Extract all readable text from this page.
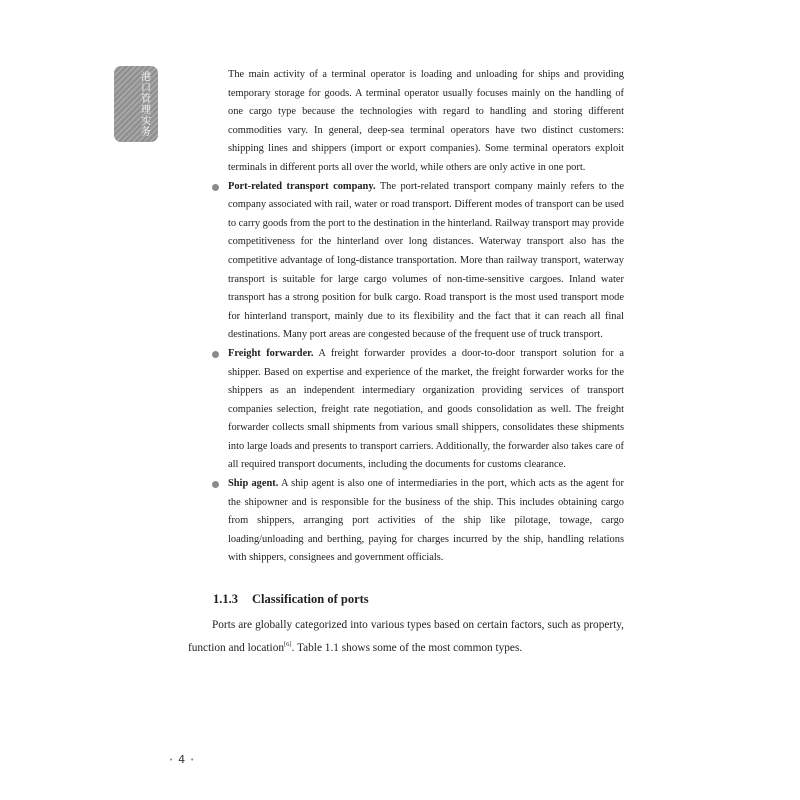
港口管理实务	The main activity of a terminal operator is loading and unloading for ships and providing temporary storage for goods. A terminal operator usually focuses mainly on the handling of one cargo type because the technologies with regard to handling and storing different commodities vary. In general, deep-sea terminal operators have two distinct customers: shipping lines and shippers (import or export companies). Some terminal operators exploit terminals in different ports all over the world, while others are only active in one port.

Port-related transport company. The port-related transport company mainly refers to the company associated with rail, water or road transport. Different modes of transport can be used to carry goods from the port to the destination in the hinterland. Railway transport may provide competitiveness for the hinterland over long distances. Waterway transport also has the competitive advantage of long-distance transportation. More than railway transport, waterway transport is suitable for large cargo volumes of non-time-sensitive cargoes. Inland water transport has a strong position for bulk cargo. Road transport is the most used transport mode for hinterland transport, mainly due to its flexibility and the fact that it can reach all final destinations. Many port areas are congested because of the frequent use of truck transport.

Freight forwarder. A freight forwarder provides a door-to-door transport solution for a shipper. Based on expertise and experience of the market, the freight forwarder works for the shippers as an independent intermediary organization providing services of transport companies selection, freight rate negotiation, and goods consolidation as well. The freight forwarder collects small shipments from various small shippers, consolidates these shipments into large loads and presents to transport carriers. Additionally, the forwarder also takes care of all required transport documents, including the documents for customs clearance.

Ship agent. A ship agent is also one of intermediaries in the port, which acts as the agent for the shipowner and is responsible for the business of the ship. This includes obtaining cargo from shippers, arranging port activities of the ship like pilotage, towage, cargo loading/unloading and berthing, paying for charges incurred by the ship, handling relations with shippers, consignees and government officials.

1.1.3 Classification of ports

Ports are globally categorized into various types based on certain factors, such as property, function and location[6]. Table 1.1 shows some of the most common types.

• 4 •
